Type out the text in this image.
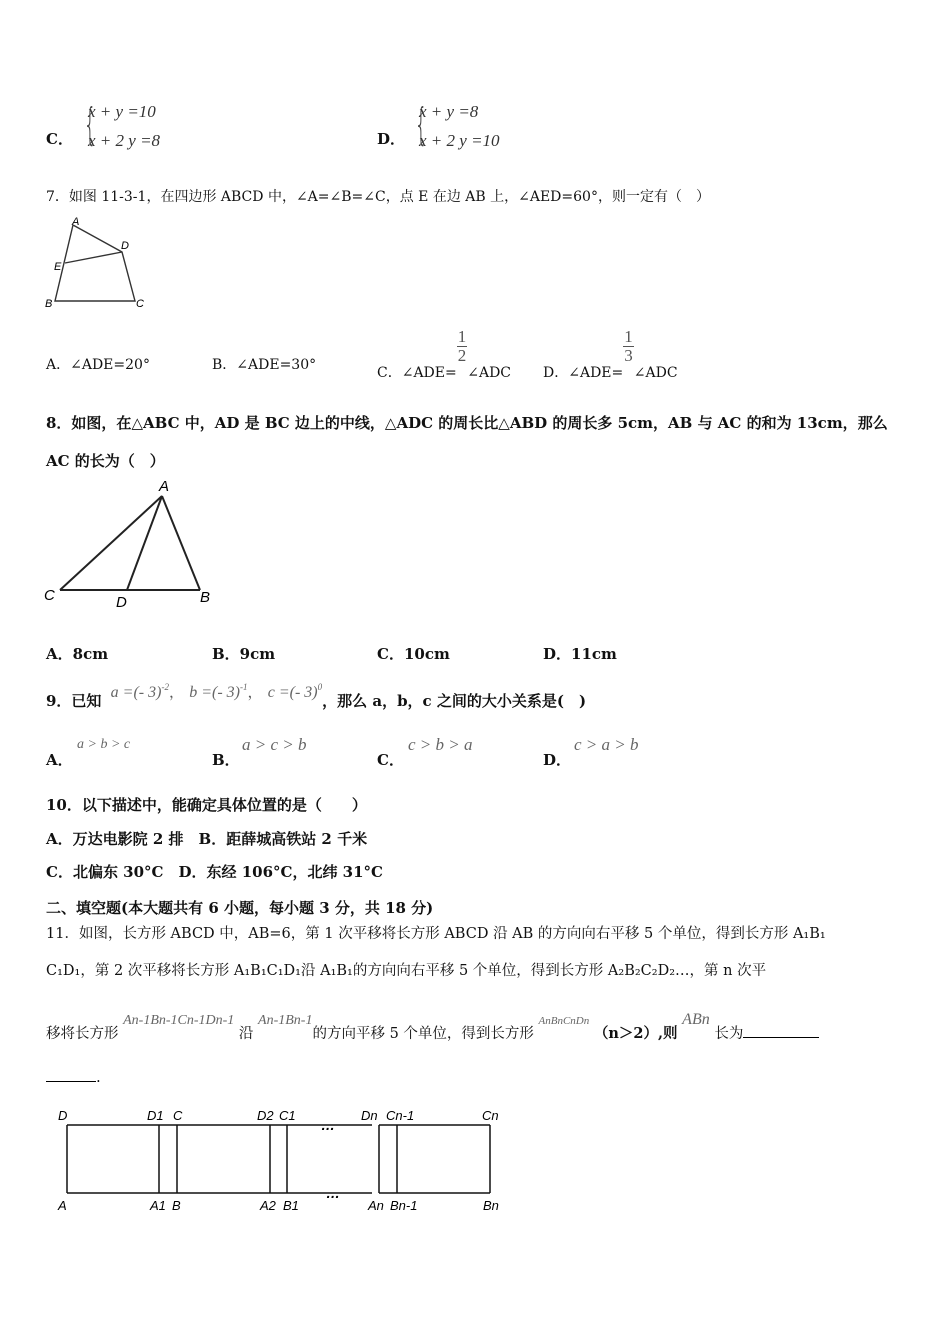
C． {
x + y =10
x + 2 y =8	D． {
x + y =8
x + 2 y =10
7．如图 11-3-1，在四边形 ABCD 中，∠A=∠B=∠C，点 E 在边 AB 上，∠AED=60°，则一定有（　）
A
D
E
B	C
A．∠ADE=20°	B．∠ADE=30°	C．∠ADE=
$\frac{1}{2}$
∠ADC D．∠ADE=
$\frac{1}{3}$
∠ADC
8．如图，在△ABC 中，AD 是 BC 边上的中线，△ADC 的周长比△ABD 的周长多 5cm，AB 与 AC 的和为 13cm，那么
AC 的长为（　）
A
C	D	B
A．8cm	B．9cm	C．10cm	D．11cm
9．已知 a =(- 3)$^{-2}$， b =(- 3)$^{-1}$， c =(- 3)$^0$，那么 a，b，c 之间的大小关系是(　)
A．
a > b > c
B．
a > c > b
C．
c > b > a
D．
c > a > b
10．以下描述中，能确定具体位置的是（　　）
A．万达电影院 2 排　B．距薛城高铁站 2 千米
C．北偏东 30°C　D．东经 106°C，北纬 31°C
二、填空题(本大题共有 6 小题，每小题 3 分，共 18 分)
11．如图，长方形 ABCD 中，AB=6，第 1 次平移将长方形 ABCD 沿 AB 的方向向右平移 5 个单位，得到长方形 A₁B₁
C₁D₁，第 2 次平移将长方形 A₁B₁C₁D₁沿 A₁B₁的方向向右平移 5 个单位，得到长方形 A₂B₂C₂D₂…，第 n 次平
移将长方形 An-1Bn-1Cn-1Dn-1 沿 An-1Bn-1的方向平移 5 个单位，得到长方形 AnBnCnDn （n＞2）,则 ABn 长为
.
D	D1 C	D2 C1
…
Dn Cn-1	Cn
A	A1 B	A2 B1
…
An Bn-1	Bn
